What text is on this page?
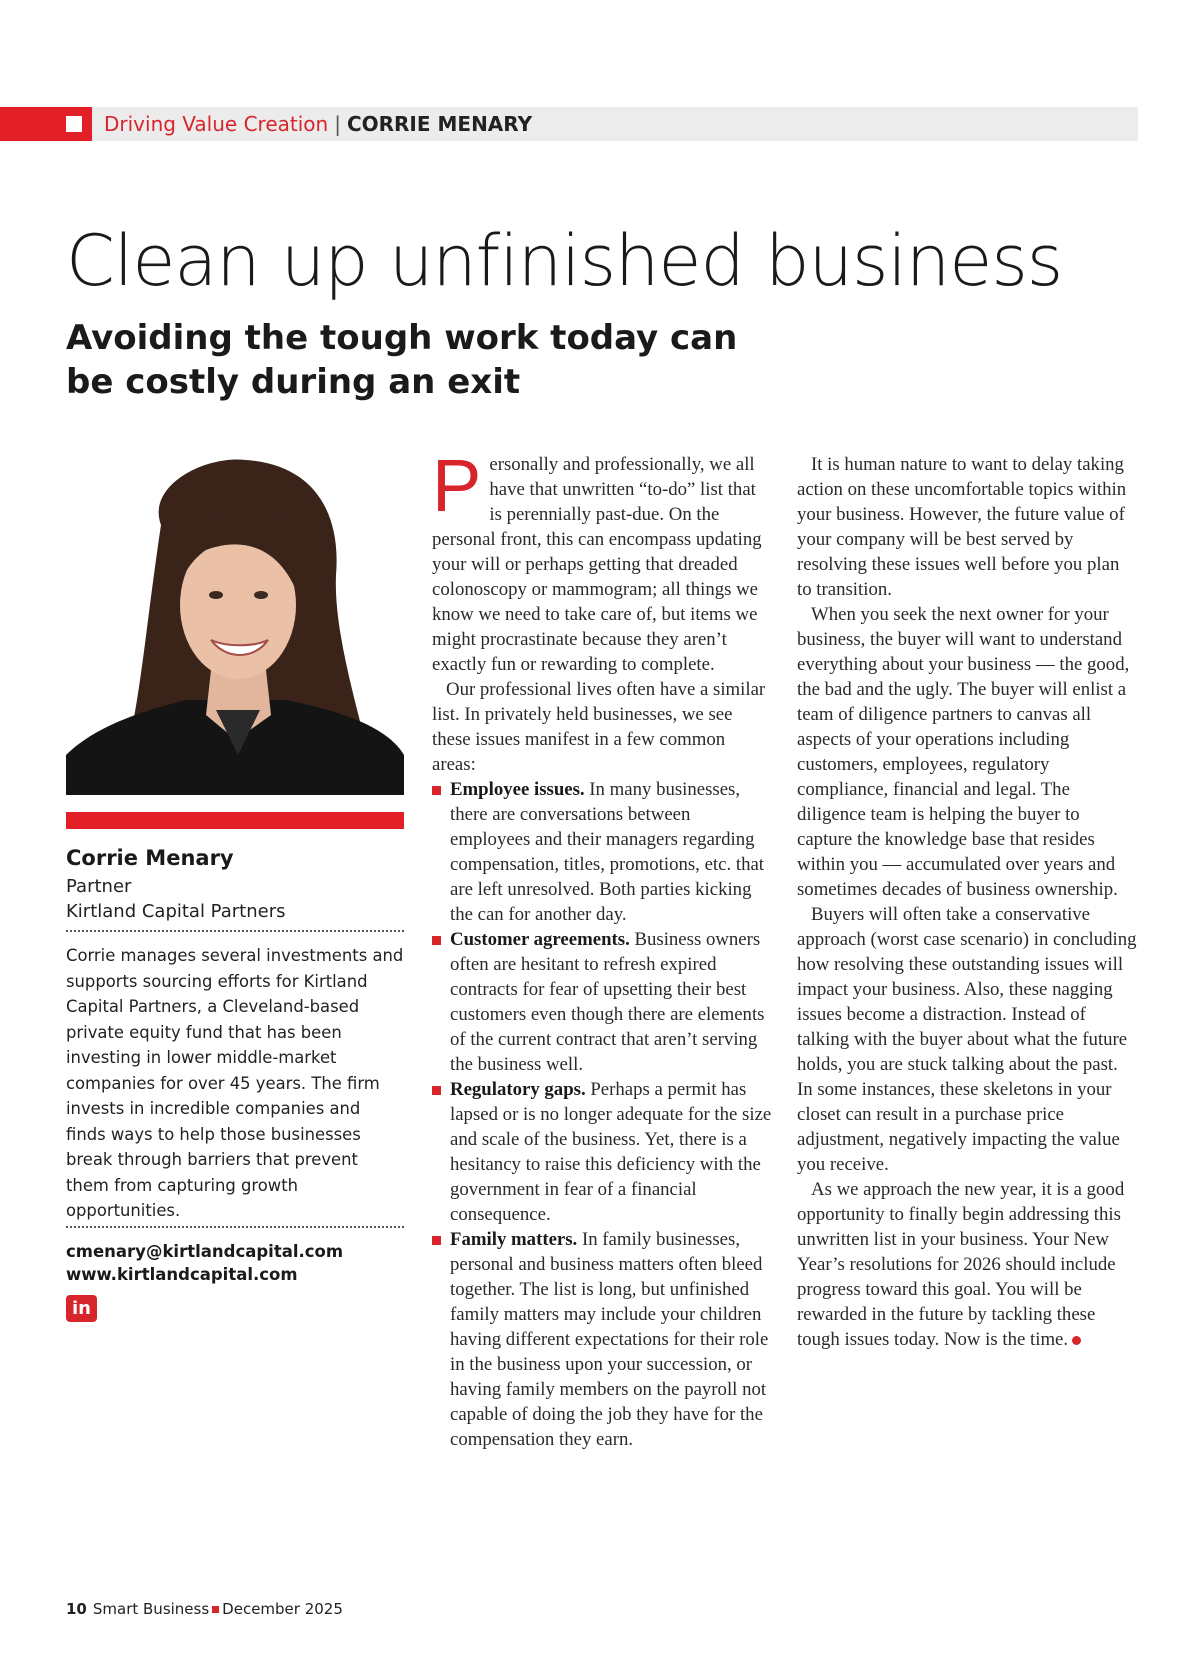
Driving Value Creation | CORRIE MENARY
Clean up unfinished business
Avoiding the tough work today can be costly during an exit
Corrie Menary
Partner
Kirtland Capital Partners

Corrie manages several investments and supports sourcing efforts for Kirtland Capital Partners, a Cleveland-based private equity fund that has been investing in lower middle-market companies for over 45 years. The firm invests in incredible companies and finds ways to help those businesses break through barriers that prevent them from capturing growth opportunities.

cmenary@kirtlandcapital.com
www.kirtlandcapital.com
in

Personally and professionally, we all have that unwritten “to-do” list that is perennially past-due. On the personal front, this can encompass updating your will or perhaps getting that dreaded colonoscopy or mammogram; all things we know we need to take care of, but items we might procrastinate because they aren’t exactly fun or rewarding to complete.

Our professional lives often have a similar list. In privately held businesses, we see these issues manifest in a few common areas:

Employee issues. In many businesses, there are conversations between employees and their managers regarding compensation, titles, promotions, etc. that are left unresolved. Both parties kicking the can for another day.
Customer agreements. Business owners often are hesitant to refresh expired contracts for fear of upsetting their best customers even though there are elements of the current contract that aren’t serving the business well.
Regulatory gaps. Perhaps a permit has lapsed or is no longer adequate for the size and scale of the business. Yet, there is a hesitancy to raise this deficiency with the government in fear of a financial consequence.
Family matters. In family businesses, personal and business matters often bleed together. The list is long, but unfinished family matters may include your children having different expectations for their role in the business upon your succession, or having family members on the payroll not capable of doing the job they have for the compensation they earn.

It is human nature to want to delay taking action on these uncomfortable topics within your business. However, the future value of your company will be best served by resolving these issues well before you plan to transition.

When you seek the next owner for your business, the buyer will want to understand everything about your business — the good, the bad and the ugly. The buyer will enlist a team of diligence partners to canvas all aspects of your operations including customers, employees, regulatory compliance, financial and legal. The diligence team is helping the buyer to capture the knowledge base that resides within you — accumulated over years and sometimes decades of business ownership.

Buyers will often take a conservative approach (worst case scenario) in concluding how resolving these outstanding issues will impact your business. Also, these nagging issues become a distraction. Instead of talking with the buyer about what the future holds, you are stuck talking about the past. In some instances, these skeletons in your closet can result in a purchase price adjustment, negatively impacting the value you receive.

As we approach the new year, it is a good opportunity to finally begin addressing this unwritten list in your business. Your New Year’s resolutions for 2026 should include progress toward this goal. You will be rewarded in the future by tackling these tough issues today. Now is the time.

10 Smart Business December 2025
